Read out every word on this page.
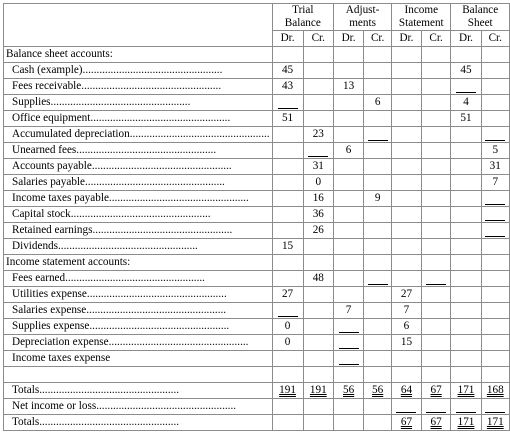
	Trial		Adjust-		Income		Balance	
	Balance		ments		Statement		Sheet	
	Dr.	Cr.	Dr.	Cr.	Dr.	Cr.	Dr.	Cr.
Balance sheet accounts:								
Cash (example)..................................................	45						45	
Fees receivable..................................................	43		13					
Supplies..................................................				6			4	
Office equipment..................................................	51						51	
Accumulated depreciation..................................................		23						
Unearned fees..................................................			6					5
Accounts payable..................................................		31						31
Salaries payable..................................................		0						7
Income taxes payable..................................................		16		9				
Capital stock..................................................		36						
Retained earnings..................................................		26						
Dividends..................................................	15							
Income statement accounts:								
Fees earned..................................................		48						
Utilities expense..................................................	27				27			
Salaries expense..................................................			7		7			
Supplies expense..................................................	0				6			
Depreciation expense..................................................	0				15			
Income taxes expense								

Totals..................................................	191	191	56	56	64	67	171	168
Net income or loss..................................................								
Totals..................................................					67	67	171	171
